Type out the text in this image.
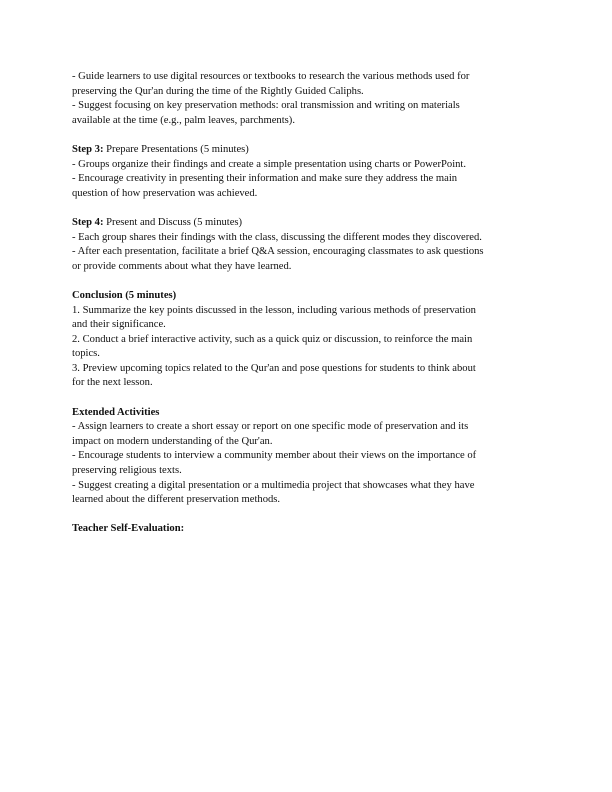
- Guide learners to use digital resources or textbooks to research the various methods used for
preserving the Qur'an during the time of the Rightly Guided Caliphs.
- Suggest focusing on key preservation methods: oral transmission and writing on materials
available at the time (e.g., palm leaves, parchments).
Step 3: Prepare Presentations (5 minutes)
- Groups organize their findings and create a simple presentation using charts or PowerPoint.
- Encourage creativity in presenting their information and make sure they address the main
question of how preservation was achieved.
Step 4: Present and Discuss (5 minutes)
- Each group shares their findings with the class, discussing the different modes they discovered.
- After each presentation, facilitate a brief Q&A session, encouraging classmates to ask questions
or provide comments about what they have learned.
Conclusion (5 minutes)
1. Summarize the key points discussed in the lesson, including various methods of preservation
and their significance.
2. Conduct a brief interactive activity, such as a quick quiz or discussion, to reinforce the main
topics.
3. Preview upcoming topics related to the Qur'an and pose questions for students to think about
for the next lesson.
Extended Activities
- Assign learners to create a short essay or report on one specific mode of preservation and its
impact on modern understanding of the Qur'an.
- Encourage students to interview a community member about their views on the importance of
preserving religious texts.
- Suggest creating a digital presentation or a multimedia project that showcases what they have
learned about the different preservation methods.
Teacher Self-Evaluation:
